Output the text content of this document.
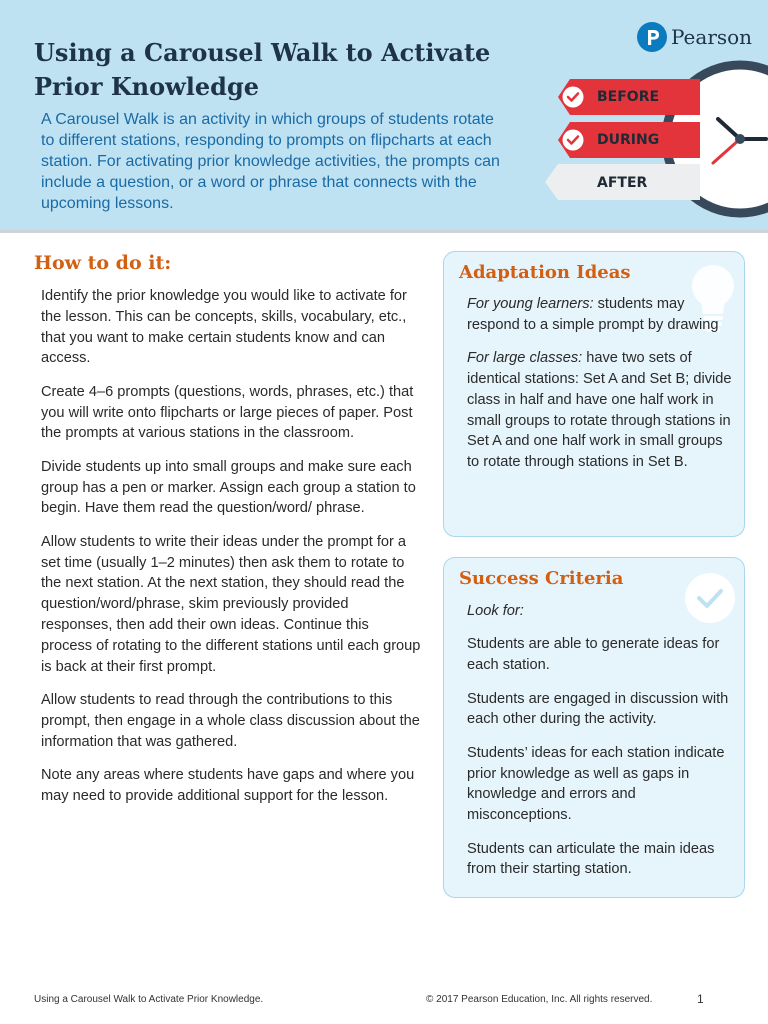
Using a Carousel Walk to Activate Prior Knowledge

A Carousel Walk is an activity in which groups of students rotate to different stations, responding to prompts on flipcharts at each station. For activating prior knowledge activities, the prompts can include a question, or a word or phrase that connects with the upcoming lessons.

Pearson
BEFORE
DURING
AFTER
How to do it:

Identify the prior knowledge you would like to activate for the lesson. This can be concepts, skills, vocabulary, etc., that you want to make certain students know and can access.

Create 4–6 prompts (questions, words, phrases, etc.) that you will write onto flipcharts or large pieces of paper. Post the prompts at various stations in the classroom.

Divide students up into small groups and make sure each group has a pen or marker. Assign each group a station to begin. Have them read the question/word/ phrase.

Allow students to write their ideas under the prompt for a set time (usually 1–2 minutes) then ask them to rotate to the next station. At the next station, they should read the question/word/phrase, skim previously provided responses, then add their own ideas. Continue this process of rotating to the different stations until each group is back at their first prompt.

Allow students to read through the contributions to this prompt, then engage in a whole class discussion about the information that was gathered.

Note any areas where students have gaps and where you may need to provide additional support for the lesson.

Adaptation Ideas

For young learners: students may respond to a simple prompt by drawing

For large classes: have two sets of identical stations: Set A and Set B; divide class in half and have one half work in small groups to rotate through stations in Set A and one half work in small groups to rotate through stations in Set B.

Success Criteria

Look for:

Students are able to generate ideas for each station.

Students are engaged in discussion with each other during the activity.

Students’ ideas for each station indicate prior knowledge as well as gaps in knowledge and errors and misconceptions.

Students can articulate the main ideas from their starting station.

Using a Carousel Walk to Activate Prior Knowledge.	© 2017 Pearson Education, Inc. All rights reserved.	1
